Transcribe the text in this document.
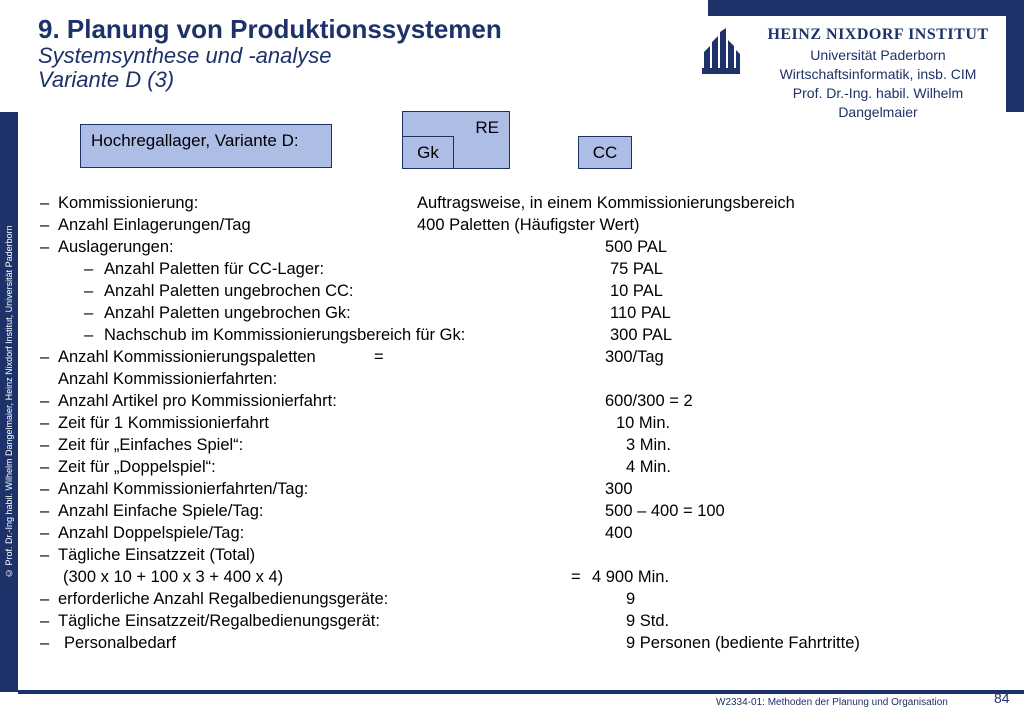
© Prof. Dr.-Ing habil. Wilhelm Dangelmaier, Heinz Nixdorf Institut, Universität Paderborn
9. Planung von Produktionssystemen
Systemsynthese und -analyse
Variante D (3)
HEINZ NIXDORF INSTITUT
Universität Paderborn
Wirtschaftsinformatik, insb. CIM
Prof. Dr.-Ing. habil. Wilhelm Dangelmaier
Hochregallager, Variante D:
RE
Gk	CC
– Kommissionierung:	Auftragsweise, in einem Kommissionierungsbereich
– Anzahl Einlagerungen/Tag	400 Paletten (Häufigster Wert)
– Auslagerungen:	500 PAL
– Anzahl Paletten für CC-Lager:	75 PAL
– Anzahl Paletten ungebrochen CC:	10 PAL
– Anzahl Paletten ungebrochen Gk:	110 PAL
– Nachschub im Kommissionierungsbereich für Gk:	300 PAL
– Anzahl Kommissionierungspaletten	=	300/Tag
Anzahl Kommissionierfahrten:
– Anzahl Artikel pro Kommissionierfahrt:	600/300 = 2
– Zeit für 1 Kommissionierfahrt	10 Min.
– Zeit für „Einfaches Spiel“:	3 Min.
– Zeit für „Doppelspiel“:	4 Min.
– Anzahl Kommissionierfahrten/Tag:	300
– Anzahl Einfache Spiele/Tag:	500 – 400 = 100
– Anzahl Doppelspiele/Tag:	400
– Tägliche Einsatzzeit (Total)
(300 x 10 + 100 x 3 + 400 x 4)	= 4 900 Min.
– erforderliche Anzahl Regalbedienungsgeräte:	9
– Tägliche Einsatzzeit/Regalbedienungsgerät:	9 Std.
– Personalbedarf	9 Personen (bediente Fahrtritte)
W2334-01: Methoden der Planung und Organisation	84
